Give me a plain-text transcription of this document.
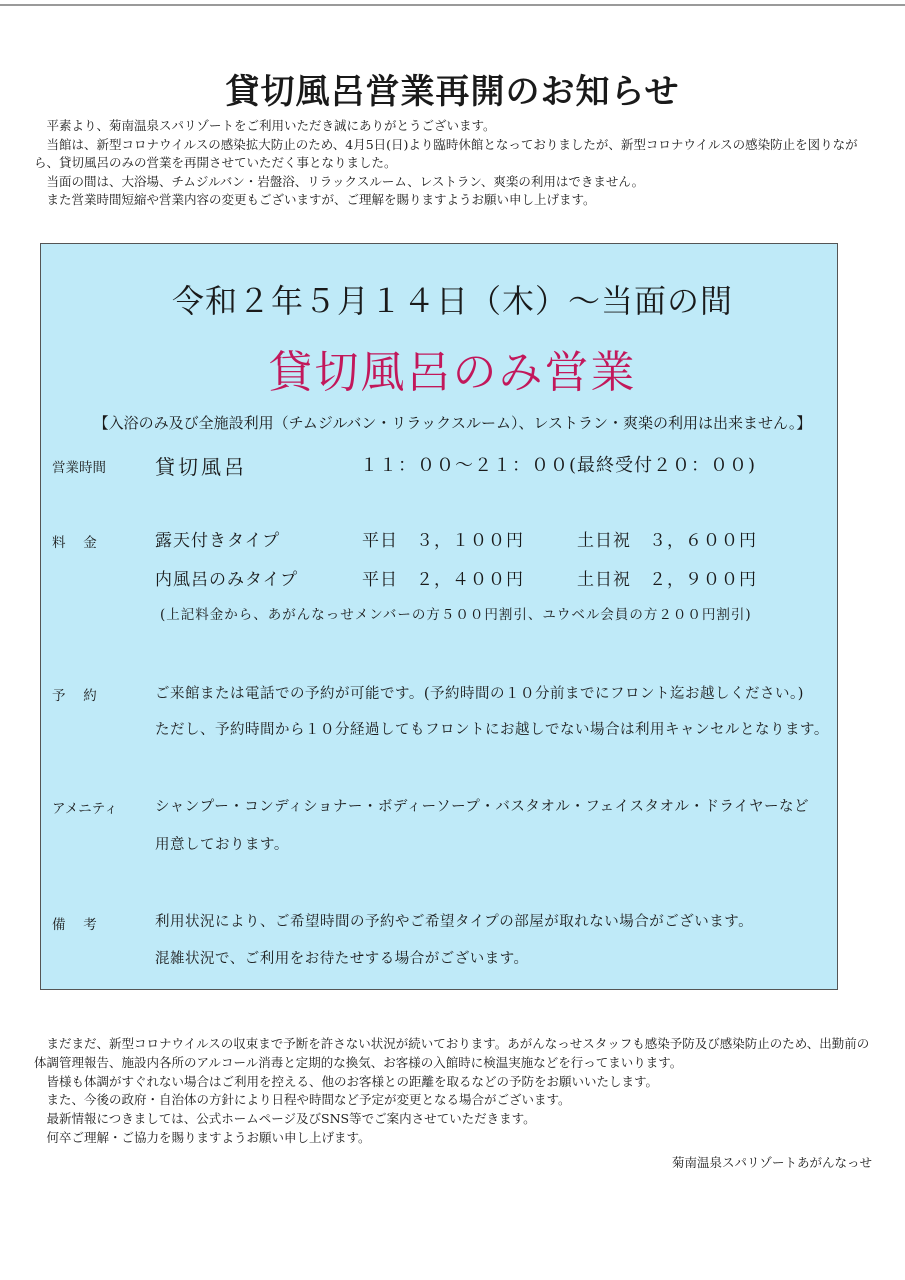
貸切風呂営業再開のお知らせ

平素より、菊南温泉スパリゾートをご利用いただき誠にありがとうございます。

当館は、新型コロナウイルスの感染拡大防止のため、4月5日(日)より臨時休館となっておりましたが、新型コロナウイルスの感染防止を図りながら、貸切風呂のみの営業を再開させていただく事となりました。

当面の間は、大浴場、チムジルバン・岩盤浴、リラックスルーム、レストラン、爽楽の利用はできません。

また営業時間短縮や営業内容の変更もございますが、ご理解を賜りますようお願い申し上げます。

令和２年５月１４日（木）～当面の間
貸切風呂のみ営業
【入浴のみ及び全施設利用（チムジルバン・リラックスルーム）、レストラン・爽楽の利用は出来ません。】
営業時間 貸切風呂	１１：００～２１：００(最終受付２０：００)
料　 金	露天付きタイプ	平日　３，１００円	土日祝　３，６００円
内風呂のみタイプ	平日　２，４００円	土日祝　２，９００円
(上記料金から、あがんなっせメンバーの方５００円割引、ユウベル会員の方２００円割引)
予　 約	ご来館または電話での予約が可能です。(予約時間の１０分前までにフロント迄お越しください。)
ただし、予約時間から１０分経過してもフロントにお越しでない場合は利用キャンセルとなります。
アメニティ	シャンプー・コンディショナー・ボディーソープ・バスタオル・フェイスタオル・ドライヤーなど
用意しております。
備　 考	利用状況により、ご希望時間の予約やご希望タイプの部屋が取れない場合がございます。
混雑状況で、ご利用をお待たせする場合がございます。

まだまだ、新型コロナウイルスの収束まで予断を許さない状況が続いております。あがんなっせスタッフも感染予防及び感染防止のため、出勤前の体調管理報告、施設内各所のアルコール消毒と定期的な換気、お客様の入館時に検温実施などを行ってまいります。

皆様も体調がすぐれない場合はご利用を控える、他のお客様との距離を取るなどの予防をお願いいたします。

また、今後の政府・自治体の方針により日程や時間など予定が変更となる場合がございます。

最新情報につきましては、公式ホームページ及びSNS等でご案内させていただきます。

何卒ご理解・ご協力を賜りますようお願い申し上げます。

菊南温泉スパリゾートあがんなっせ
